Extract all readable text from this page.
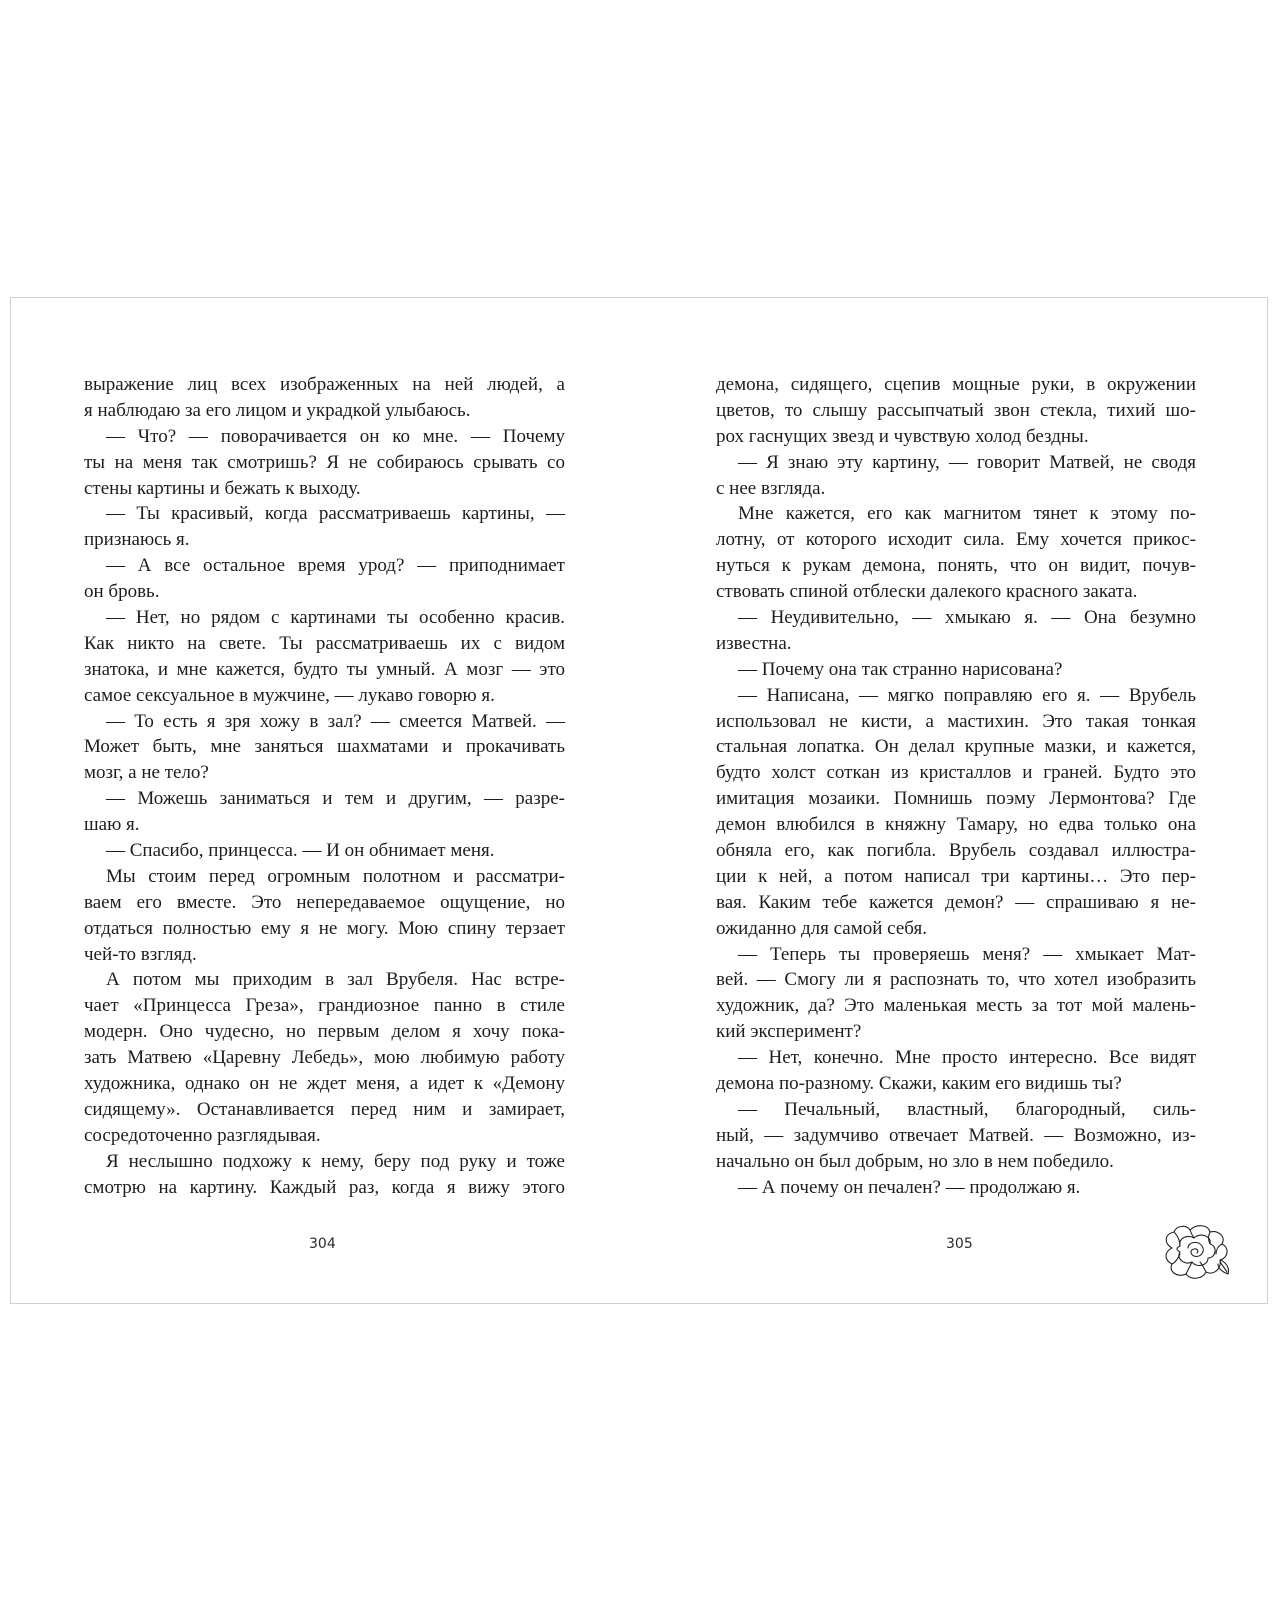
выражение лиц всех изображенных на ней людей, а
я наблюдаю за его лицом и украдкой улыбаюсь.
— Что? — поворачивается он ко мне. — Почему
ты на меня так смотришь? Я не собираюсь срывать со
стены картины и бежать к выходу.
— Ты красивый, когда рассматриваешь картины, —
признаюсь я.
— А все остальное время урод? — приподнимает
он бровь.
— Нет, но рядом с картинами ты особенно красив.
Как никто на свете. Ты рассматриваешь их с видом
знатока, и мне кажется, будто ты умный. А мозг — это
самое сексуальное в мужчине, — лукаво говорю я.
— То есть я зря хожу в зал? — смеется Матвей. —
Может быть, мне заняться шахматами и прокачивать
мозг, а не тело?
— Можешь заниматься и тем и другим, — разре-
шаю я.
— Спасибо, принцесса. — И он обнимает меня.
Мы стоим перед огромным полотном и рассматри-
ваем его вместе. Это непередаваемое ощущение, но
отдаться полностью ему я не могу. Мою спину терзает
чей-то взгляд.
А потом мы приходим в зал Врубеля. Нас встре-
чает «Принцесса Греза», грандиозное панно в стиле
модерн. Оно чудесно, но первым делом я хочу пока-
зать Матвею «Царевну Лебедь», мою любимую работу
художника, однако он не ждет меня, а идет к «Демону
сидящему». Останавливается перед ним и замирает,
сосредоточенно разглядывая.
Я неслышно подхожу к нему, беру под руку и тоже
смотрю на картину. Каждый раз, когда я вижу этого
демона, сидящего, сцепив мощные руки, в окружении
цветов, то слышу рассыпчатый звон стекла, тихий шо-
рох гаснущих звезд и чувствую холод бездны.
— Я знаю эту картину, — говорит Матвей, не сводя
с нее взгляда.
Мне кажется, его как магнитом тянет к этому по-
лотну, от которого исходит сила. Ему хочется прикос-
нуться к рукам демона, понять, что он видит, почув-
ствовать спиной отблески далекого красного заката.
— Неудивительно, — хмыкаю я. — Она безумно
известна.
— Почему она так странно нарисована?
— Написана, — мягко поправляю его я. — Врубель
использовал не кисти, а мастихин. Это такая тонкая
стальная лопатка. Он делал крупные мазки, и кажется,
будто холст соткан из кристаллов и граней. Будто это
имитация мозаики. Помнишь поэму Лермонтова? Где
демон влюбился в княжну Тамару, но едва только она
обняла его, как погибла. Врубель создавал иллюстра-
ции к ней, а потом написал три картины… Это пер-
вая. Каким тебе кажется демон? — спрашиваю я не-
ожиданно для самой себя.
— Теперь ты проверяешь меня? — хмыкает Мат-
вей. — Смогу ли я распознать то, что хотел изобразить
художник, да? Это маленькая месть за тот мой малень-
кий эксперимент?
— Нет, конечно. Мне просто интересно. Все видят
демона по-разному. Скажи, каким его видишь ты?
— Печальный, властный, благородный, силь-
ный, — задумчиво отвечает Матвей. — Возможно, из-
начально он был добрым, но зло в нем победило.
— А почему он печален? — продолжаю я.
304	305
